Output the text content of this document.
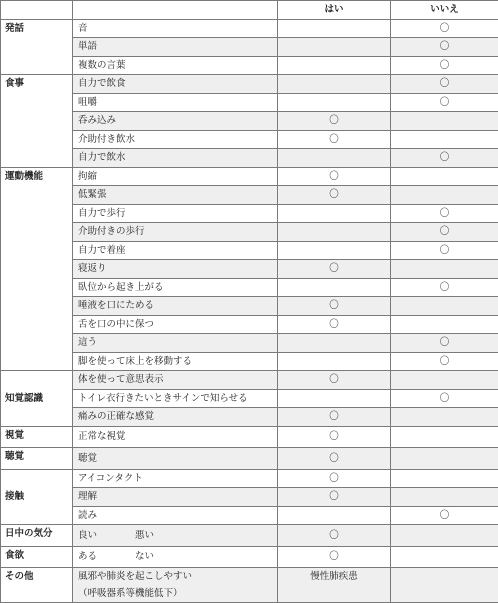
		はい	いいえ
発話	音		〇
	単語		〇
	複数の言葉		〇
食事	自力で飲食		〇
	咀嚼		〇
	呑み込み	〇	
	介助付き飲水	〇	
	自力で飲水		〇
運動機能	拘縮	〇	
	低緊張	〇	
	自力で歩行		〇
	介助付きの歩行		〇
	自力で着座		〇
	寝返り	〇	
	臥位から起き上がる		〇
	唾液を口にためる	〇	
	舌を口の中に保つ	〇	
	這う		〇
	脚を使って床上を移動する		〇
知覚認識	体を使って意思表示	〇	
	トイレ衣行きたいときサインで知らせる		〇
	痛みの正確な感覚	〇	
視覚	正常な視覚	〇	
聴覚	聴覚	〇	
接触	アイコンタクト	〇	
	理解	〇	
	読み		〇
日中の気分	良い　　　　悪い	〇	
食欲	ある　　　　ない	〇	
その他	風邪や肺炎を起こしやすい
（呼吸器系等機能低下）	慢性肺疾患	
